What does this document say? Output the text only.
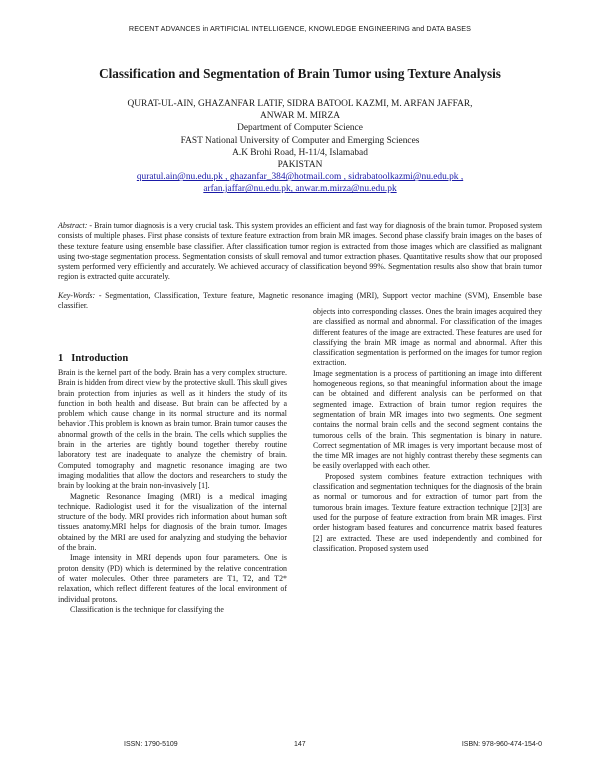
RECENT ADVANCES in ARTIFICIAL INTELLIGENCE, KNOWLEDGE ENGINEERING and DATA BASES
Classification and Segmentation of Brain Tumor using Texture Analysis
QURAT-UL-AIN, GHAZANFAR LATIF, SIDRA BATOOL KAZMI, M. ARFAN JAFFAR,
ANWAR M. MIRZA
Department of Computer Science
FAST National University of Computer and Emerging Sciences
A.K Brohi Road, H-11/4, Islamabad
PAKISTAN
quratul.ain@nu.edu.pk , ghazanfar_384@hotmail.com , sidrabatoolkazmi@nu.edu.pk ,
arfan.jaffar@nu.edu.pk, anwar.m.mirza@nu.edu.pk
Abstract: - Brain tumor diagnosis is a very crucial task. This system provides an efficient and fast way for diagnosis of the brain tumor. Proposed system consists of multiple phases. First phase consists of texture feature extraction from brain MR images. Second phase classify brain images on the bases of these texture feature using ensemble base classifier. After classification tumor region is extracted from those images which are classified as malignant using two-stage segmentation process. Segmentation consists of skull removal and tumor extraction phases. Quantitative results show that our proposed system performed very efficiently and accurately. We achieved accuracy of classification beyond 99%. Segmentation results also show that brain tumor region is extracted quite accurately.
Key-Words: - Segmentation, Classification, Texture feature, Magnetic resonance imaging (MRI), Support vector machine (SVM), Ensemble base classifier.
1 Introduction

Brain is the kernel part of the body. Brain has a very complex structure. Brain is hidden from direct view by the protective skull. This skull gives brain protection from injuries as well as it hinders the study of its function in both health and disease. But brain can be affected by a problem which cause change in its normal structure and its normal behavior .This problem is known as brain tumor. Brain tumor causes the abnormal growth of the cells in the brain. The cells which supplies the brain in the arteries are tightly bound together thereby routine laboratory test are inadequate to analyze the chemistry of brain. Computed tomography and magnetic resonance imaging are two imaging modalities that allow the doctors and researchers to study the brain by looking at the brain non-invasively [1].

Magnetic Resonance Imaging (MRI) is a medical imaging technique. Radiologist used it for the visualization of the internal structure of the body. MRI provides rich information about human soft tissues anatomy.MRI helps for diagnosis of the brain tumor. Images obtained by the MRI are used for analyzing and studying the behavior of the brain.

Image intensity in MRI depends upon four parameters. One is proton density (PD) which is determined by the relative concentration of water molecules. Other three parameters are T1, T2, and T2* relaxation, which reflect different features of the local environment of individual protons.

Classification is the technique for classifying the

objects into corresponding classes. Ones the brain images acquired they are classified as normal and abnormal. For classification of the images different features of the image are extracted. These features are used for classifying the brain MR image as normal and abnormal. After this classification segmentation is performed on the images for tumor region extraction.

Image segmentation is a process of partitioning an image into different homogeneous regions, so that meaningful information about the image can be obtained and different analysis can be performed on that segmented image. Extraction of brain tumor region requires the segmentation of brain MR images into two segments. One segment contains the normal brain cells and the second segment contains the tumorous cells of the brain. This segmentation is binary in nature. Correct segmentation of MR images is very important because most of the time MR images are not highly contrast thereby these segments can be easily overlapped with each other.

Proposed system combines feature extraction techniques with classification and segmentation techniques for the diagnosis of the brain as normal or tumorous and for extraction of tumor part from the tumorous brain images. Texture feature extraction technique [2][3] are used for the purpose of feature extraction from brain MR images. First order histogram based features and concurrence matrix based features [2] are extracted. These are used independently and combined for classification. Proposed system used

ISSN: 1790-5109	147	ISBN: 978-960-474-154-0
